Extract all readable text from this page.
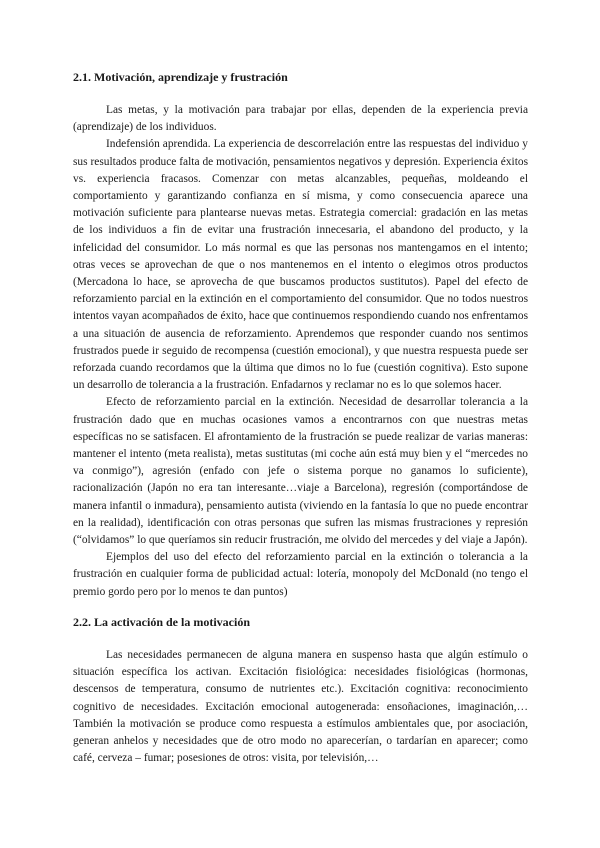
2.1. Motivación, aprendizaje y frustración

Las metas, y la motivación para trabajar por ellas, dependen de la experiencia previa (aprendizaje) de los individuos.

Indefensión aprendida. La experiencia de descorrelación entre las respuestas del individuo y sus resultados produce falta de motivación, pensamientos negativos y depresión. Experiencia éxitos vs. experiencia fracasos. Comenzar con metas alcanzables, pequeñas, moldeando el comportamiento y garantizando confianza en sí misma, y como consecuencia aparece una motivación suficiente para plantearse nuevas metas. Estrategia comercial: gradación en las metas de los individuos a fin de evitar una frustración innecesaria, el abandono del producto, y la infelicidad del consumidor. Lo más normal es que las personas nos mantengamos en el intento; otras veces se aprovechan de que o nos mantenemos en el intento o elegimos otros productos (Mercadona lo hace, se aprovecha de que buscamos productos sustitutos). Papel del efecto de reforzamiento parcial en la extinción en el comportamiento del consumidor. Que no todos nuestros intentos vayan acompañados de éxito, hace que continuemos respondiendo cuando nos enfrentamos a una situación de ausencia de reforzamiento. Aprendemos que responder cuando nos sentimos frustrados puede ir seguido de recompensa (cuestión emocional), y que nuestra respuesta puede ser reforzada cuando recordamos que la última que dimos no lo fue (cuestión cognitiva). Esto supone un desarrollo de tolerancia a la frustración. Enfadarnos y reclamar no es lo que solemos hacer.

Efecto de reforzamiento parcial en la extinción. Necesidad de desarrollar tolerancia a la frustración dado que en muchas ocasiones vamos a encontrarnos con que nuestras metas específicas no se satisfacen. El afrontamiento de la frustración se puede realizar de varias maneras: mantener el intento (meta realista), metas sustitutas (mi coche aún está muy bien y el “mercedes no va conmigo”), agresión (enfado con jefe o sistema porque no ganamos lo suficiente), racionalización (Japón no era tan interesante…viaje a Barcelona), regresión (comportándose de manera infantil o inmadura), pensamiento autista (viviendo en la fantasía lo que no puede encontrar en la realidad), identificación con otras personas que sufren las mismas frustraciones y represión (“olvidamos” lo que queríamos sin reducir frustración, me olvido del mercedes y del viaje a Japón).

Ejemplos del uso del efecto del reforzamiento parcial en la extinción o tolerancia a la frustración en cualquier forma de publicidad actual: lotería, monopoly del McDonald (no tengo el premio gordo pero por lo menos te dan puntos)

2.2. La activación de la motivación

Las necesidades permanecen de alguna manera en suspenso hasta que algún estímulo o situación específica los activan. Excitación fisiológica: necesidades fisiológicas (hormonas, descensos de temperatura, consumo de nutrientes etc.). Excitación cognitiva: reconocimiento cognitivo de necesidades. Excitación emocional autogenerada: ensoñaciones, imaginación,… También la motivación se produce como respuesta a estímulos ambientales que, por asociación, generan anhelos y necesidades que de otro modo no aparecerían, o tardarían en aparecer; como café, cerveza – fumar; posesiones de otros: visita, por televisión,…
